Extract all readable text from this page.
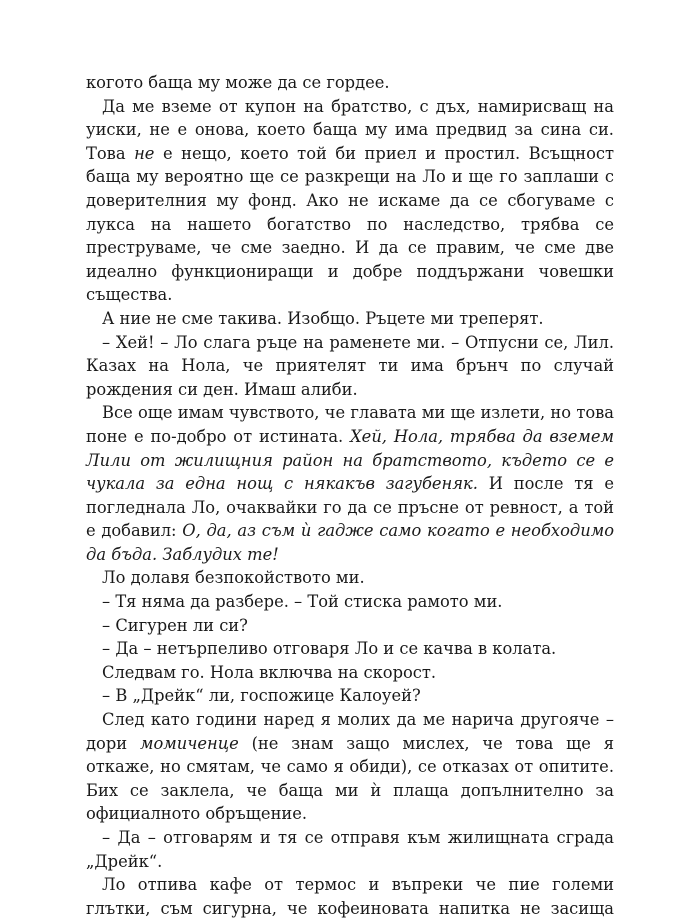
когото баща му може да се гордее.

Да ме вземе от купон на братство, с дъх, намирисващ на уиски, не е онова, което баща му има предвид за сина си. Това не е нещо, което той би приел и простил. Всъщност баща му вероятно ще се разкрещи на Ло и ще го заплаши с доверителния му фонд. Ако не искаме да се сбогуваме с лукса на нашето богатство по наследство, трябва се преструваме, че сме заедно. И да се правим, че сме две идеално функциониращи и добре поддържани човешки същества.

А ние не сме такива. Изобщо. Ръцете ми треперят.

– Хей! – Ло слага ръце на раменете ми. – Отпусни се, Лил. Казах на Нола, че приятелят ти има брънч по случай рождения си ден. Имаш алиби.

Все още имам чувството, че главата ми ще излети, но това поне е по-добро от истината. Хей, Нола, трябва да вземем Лили от жилищния район на братството, където се е чукала за една нощ с някакъв загубеняк. И после тя е погледнала Ло, очаквайки го да се пръсне от ревност, а той е добавил: О, да, аз съм ѝ гадже само когато е необходимо да бъда. Заблудих те!

Ло долавя безпокойството ми.

– Тя няма да разбере. – Той стиска рамото ми.

– Сигурен ли си?

– Да – нетърпеливо отговаря Ло и се качва в колата.

Следвам го. Нола включва на скорост.

– В „Дрейк“ ли, госпожице Калоуей?

След като години наред я молих да ме нарича другояче – дори момиченце (не знам защо мислех, че това ще я откаже, но смятам, че само я обиди), се отказах от опитите. Бих се заклела, че баща ми ѝ плаща допълнително за официалното обръщение.

– Да – отговарям и тя се отправя към жилищната сграда „Дрейк“.

Ло отпива кафе от термос и въпреки че пие големи глътки, съм сигурна, че кофеиновата напитка не засища
